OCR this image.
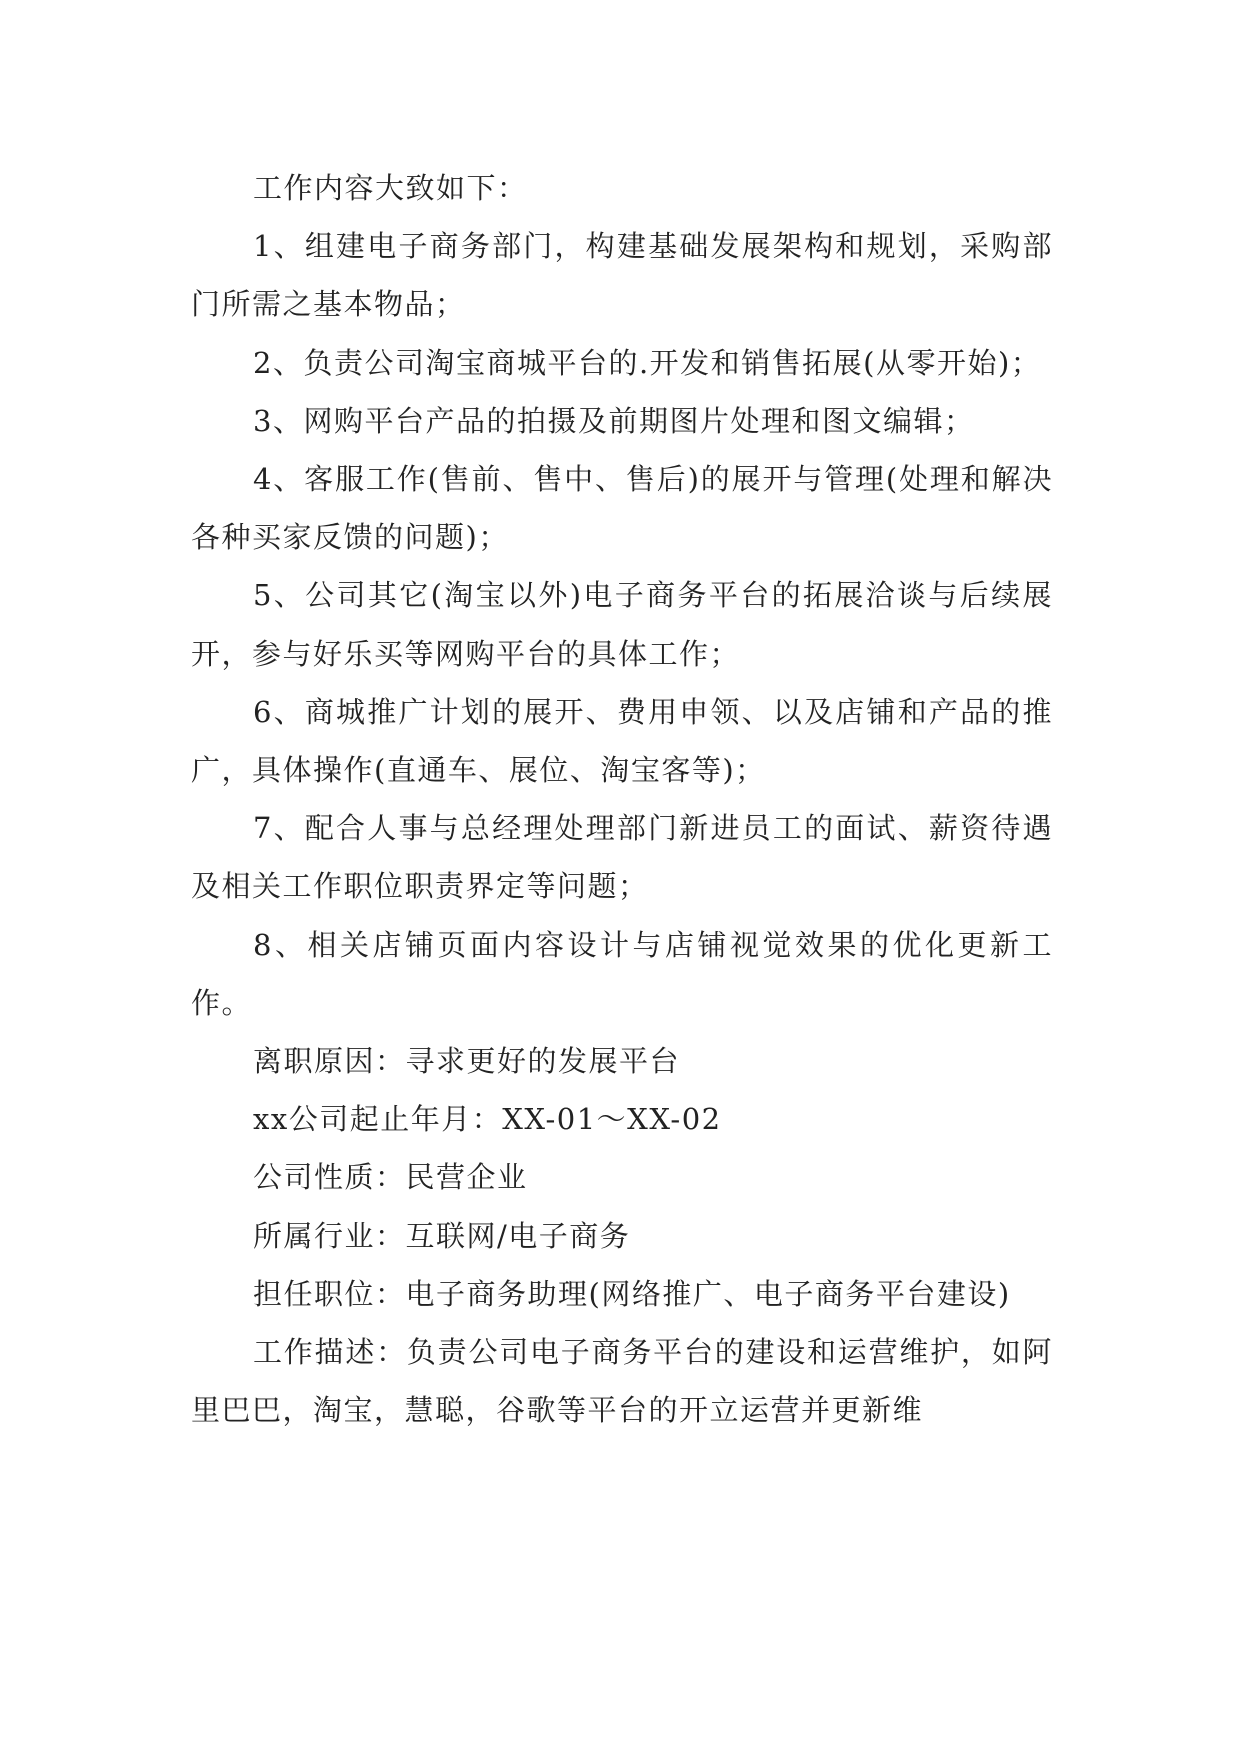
工作内容大致如下：

1、组建电子商务部门，构建基础发展架构和规划，采购部门所需之基本物品；

2、负责公司淘宝商城平台的.开发和销售拓展(从零开始)；

3、网购平台产品的拍摄及前期图片处理和图文编辑；

4、客服工作(售前、售中、售后)的展开与管理(处理和解决各种买家反馈的问题)；

5、公司其它(淘宝以外)电子商务平台的拓展洽谈与后续展开，参与好乐买等网购平台的具体工作；

6、商城推广计划的展开、费用申领、以及店铺和产品的推广，具体操作(直通车、展位、淘宝客等)；

7、配合人事与总经理处理部门新进员工的面试、薪资待遇及相关工作职位职责界定等问题；

8、相关店铺页面内容设计与店铺视觉效果的优化更新工作。

离职原因：寻求更好的发展平台

xx公司起止年月：XX-01～XX-02

公司性质：民营企业

所属行业：互联网/电子商务

担任职位：电子商务助理(网络推广、电子商务平台建设)

工作描述：负责公司电子商务平台的建设和运营维护，如阿里巴巴，淘宝，慧聪，谷歌等平台的开立运营并更新维
